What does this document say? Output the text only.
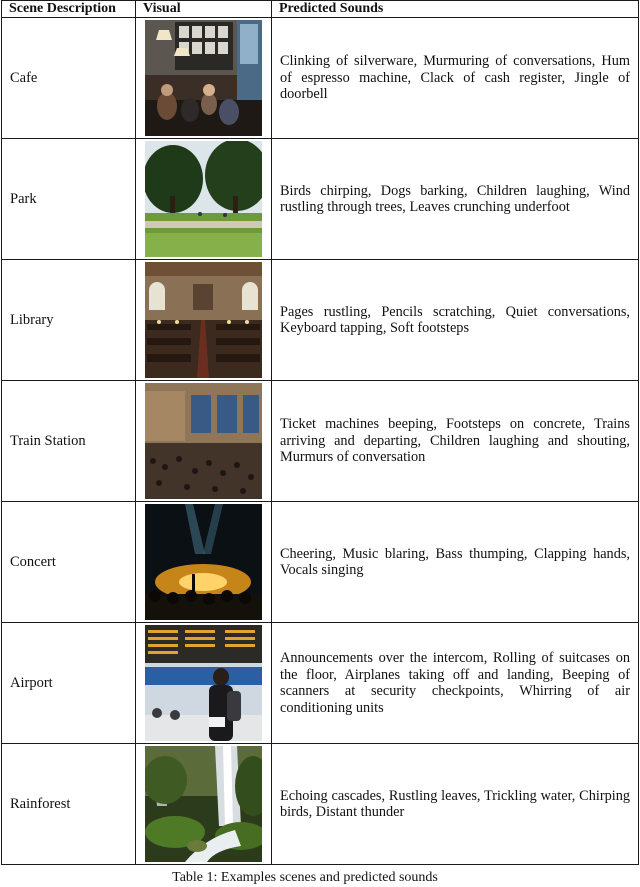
Scene Description	Visual	Predicted Sounds
Cafe		Clinking of silverware, Murmuring of conversations, Hum of espresso machine, Clack of cash register, Jingle of doorbell
Park		Birds chirping, Dogs barking, Children laughing, Wind rustling through trees, Leaves crunching underfoot
Library		Pages rustling, Pencils scratching, Quiet conversations, Keyboard tapping, Soft footsteps
Train Station		Ticket machines beeping, Footsteps on concrete, Trains arriving and departing, Children laughing and shouting, Murmurs of conversation
Concert		Cheering, Music blaring, Bass thumping, Clapping hands, Vocals singing
Airport		Announcements over the intercom, Rolling of suitcases on the floor, Airplanes taking off and landing, Beeping of scanners at security checkpoints, Whirring of air conditioning units
Rainforest		Echoing cascades, Rustling leaves, Trickling water, Chirping birds, Distant thunder
Table 1: Examples scenes and predicted sounds
